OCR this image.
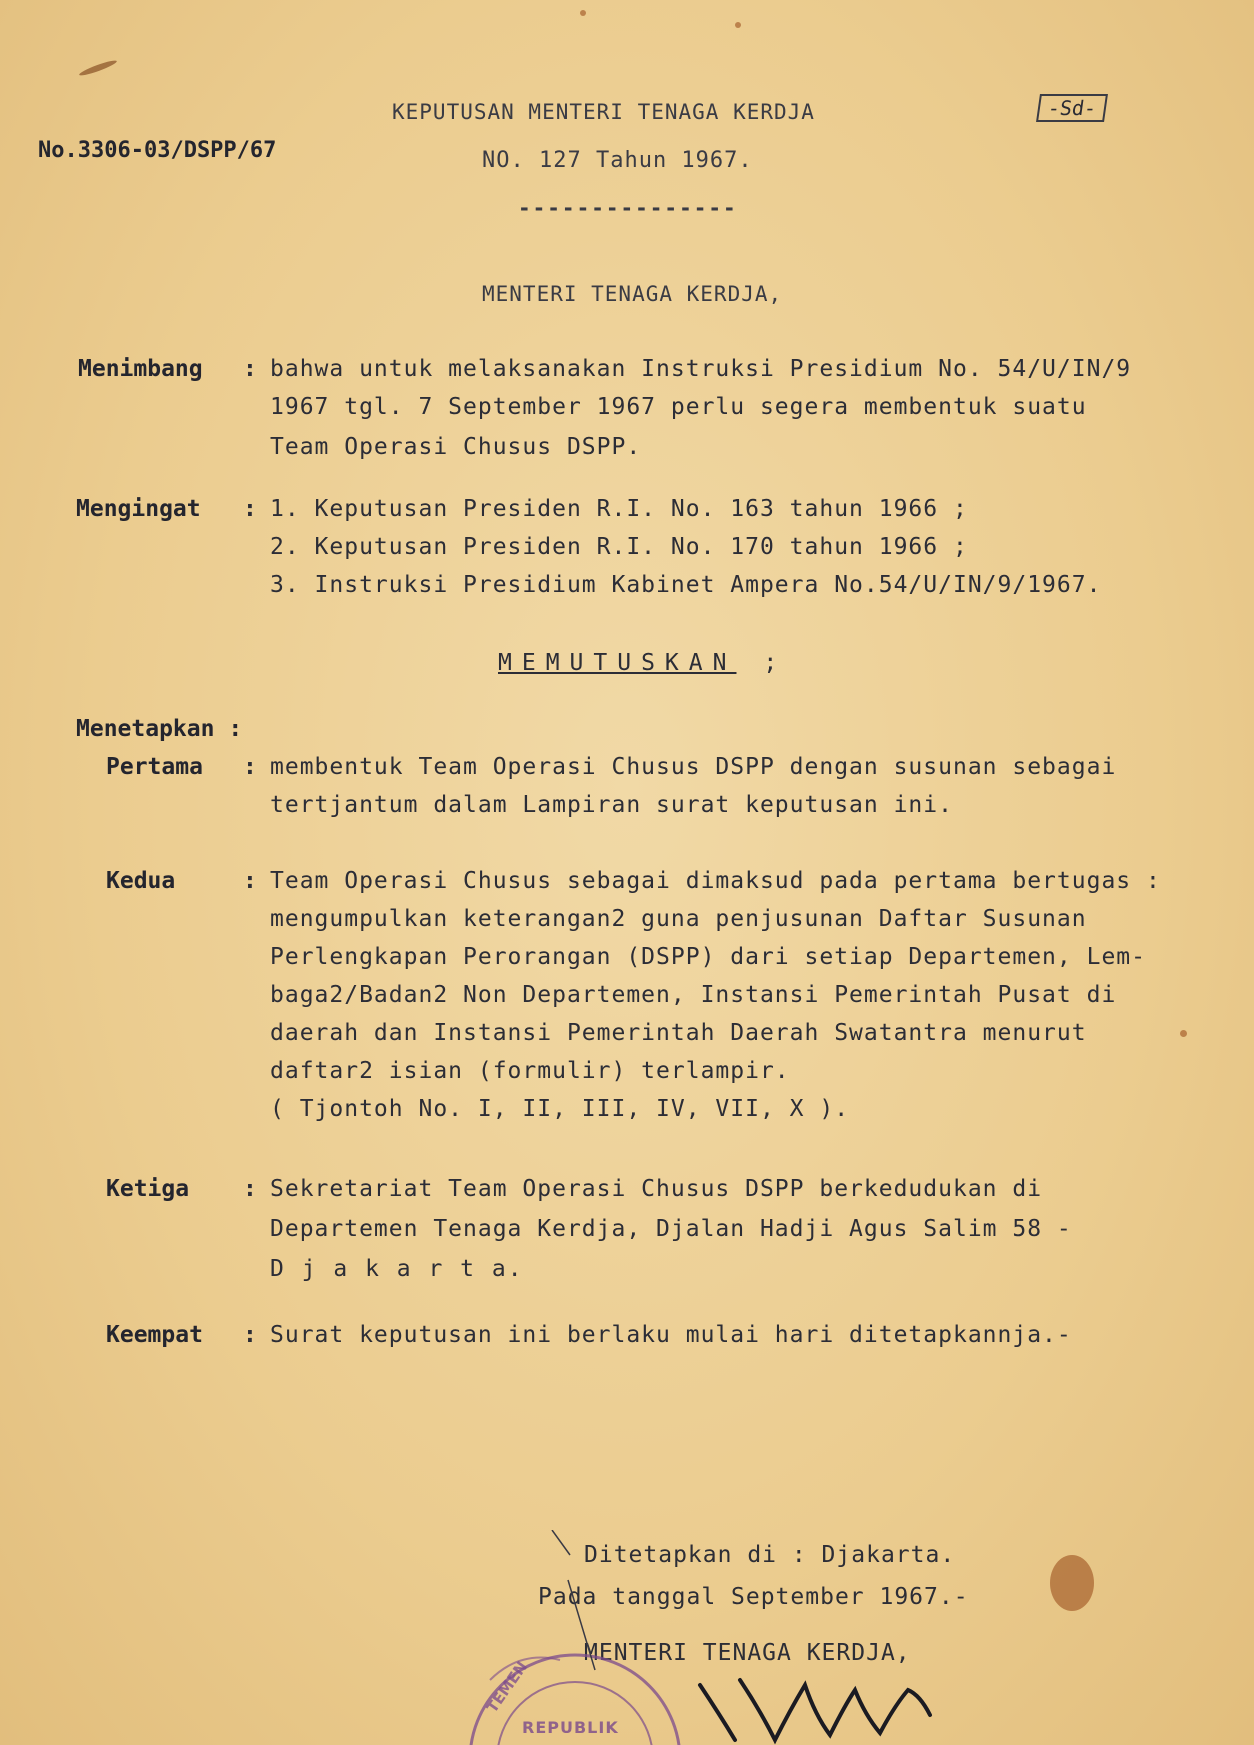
KEPUTUSAN MENTERI TENAGA KERDJA	-Sd-
No.3306-03/DSPP/67	NO. 127 Tahun 1967.
---------------
MENTERI TENAGA KERDJA,
Menimbang : bahwa untuk melaksanakan Instruksi Presidium No. 54/U/IN/9
1967 tgl. 7 September 1967 perlu segera membentuk suatu
Team Operasi Chusus DSPP.
Mengingat : 1. Keputusan Presiden R.I. No. 163 tahun 1966 ;
2. Keputusan Presiden R.I. No. 170 tahun 1966 ;
3. Instruksi Presidium Kabinet Ampera No.54/U/IN/9/1967.
MEMUTUSKAN ;
Menetapkan :
Pertama : membentuk Team Operasi Chusus DSPP dengan susunan sebagai
tertjantum dalam Lampiran surat keputusan ini.
Kedua	: Team Operasi Chusus sebagai dimaksud pada pertama bertugas :
mengumpulkan keterangan2 guna penjusunan Daftar Susunan
Perlengkapan Perorangan (DSPP) dari setiap Departemen, Lem-
baga2/Badan2 Non Departemen, Instansi Pemerintah Pusat di
daerah dan Instansi Pemerintah Daerah Swatantra menurut
daftar2 isian (formulir) terlampir.
( Tjontoh No. I, II, III, IV, VII, X ).
Ketiga : Sekretariat Team Operasi Chusus DSPP berkedudukan di
Departemen Tenaga Kerdja, Djalan Hadji Agus Salim 58 -
D j a k a r t a.
Keempat : Surat keputusan ini berlaku mulai hari ditetapkannja.-
Ditetapkan di : Djakarta.
Pada tanggal September 1967.-
MENTERI TENAGA KERDJA,
TEMEN
REPUBLIK
